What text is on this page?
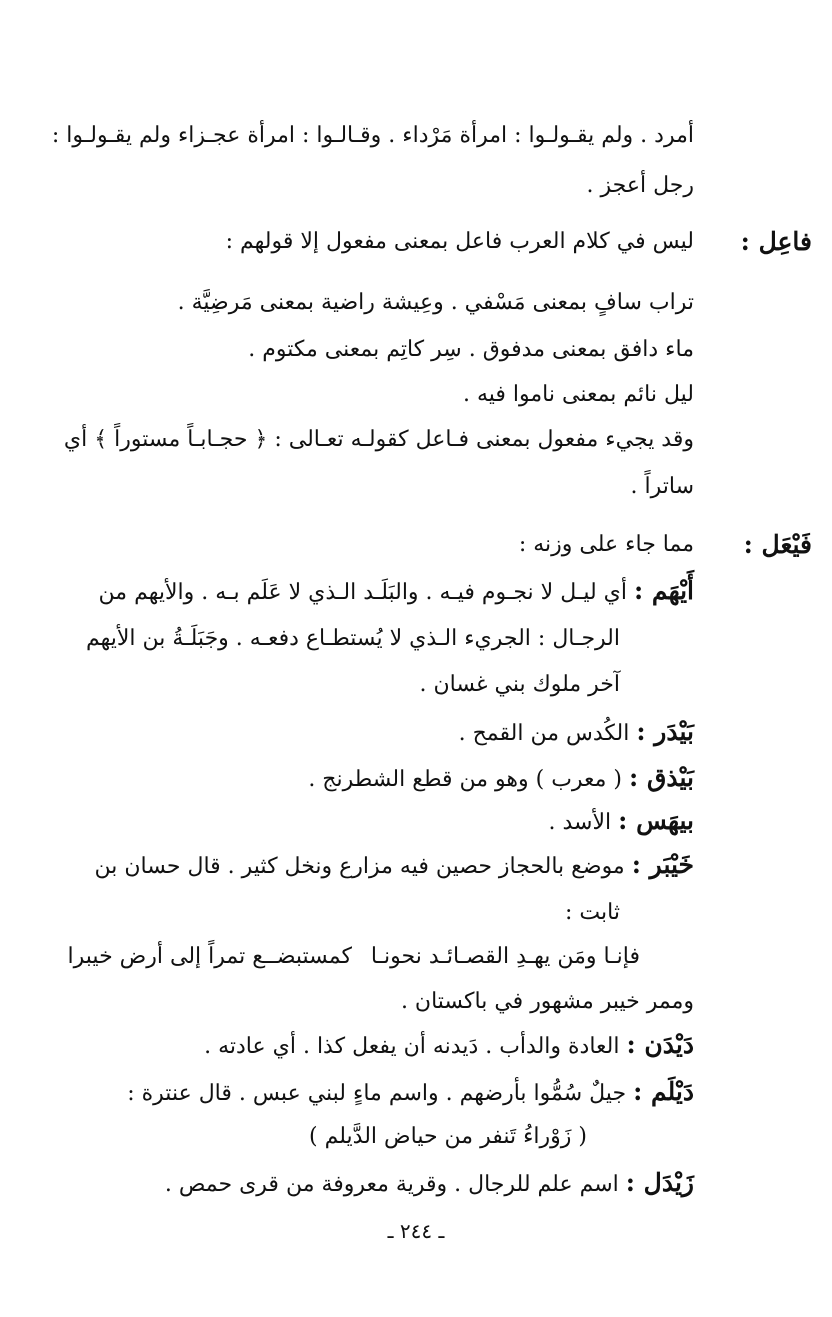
أمرد . ولم يقـولـوا : امرأة مَرْداء . وقـالـوا : امرأة عجـزاء ولم يقـولـوا :
رجل أعجز .
فاعِل :
ليس في كلام العرب فاعل بمعنى مفعول إلا قولهم :
تراب سافٍ بمعنى مَسْفي . وعِيشة راضية بمعنى مَرضِيَّة .
ماء دافق بمعنى مدفوق . سِر كاتِم بمعنى مكتوم .
ليل نائم بمعنى ناموا فيه .
وقد يجيء مفعول بمعنى فـاعل كقولـه تعـالى : ﴿ حجـابـاً مستوراً ﴾ أي
ساتراً .
فَيْعَل :
مما جاء على وزنه :
أَيْهَم : أي ليـل لا نجـوم فيـه . والبَلَـد الـذي لا عَلَم بـه . والأيهم من
الرجـال : الجريء الـذي لا يُستطـاع دفعـه . وجَبَلَـةُ بن الأيهم
آخر ملوك بني غسان .
بَيْدَر : الكُدس من القمح .
بَيْذق : ( معرب ) وهو من قطع الشطرنج .
بيهَس : الأسد .
خَيْبَر : موضع بالحجاز حصين فيه مزارع ونخل كثير . قال حسان بن
ثابت :
فإنـا ومَن يهـدِ القصـائـد نحونـا
كمستبضــع تمراً إلى أرض خيبرا
وممر خيبر مشهور في باكستان .
دَيْدَن : العادة والدأب . دَيدنه أن يفعل كذا . أي عادته .
دَيْلَم : جيلٌ سُمُّوا بأرضهم . واسم ماءٍ لبني عبس . قال عنترة :
( زَوْراءُ تَنفر من حياض الدَّيلم )
زَيْدَل : اسم علم للرجال . وقرية معروفة من قرى حمص .
ـ ٢٤٤ ـ
